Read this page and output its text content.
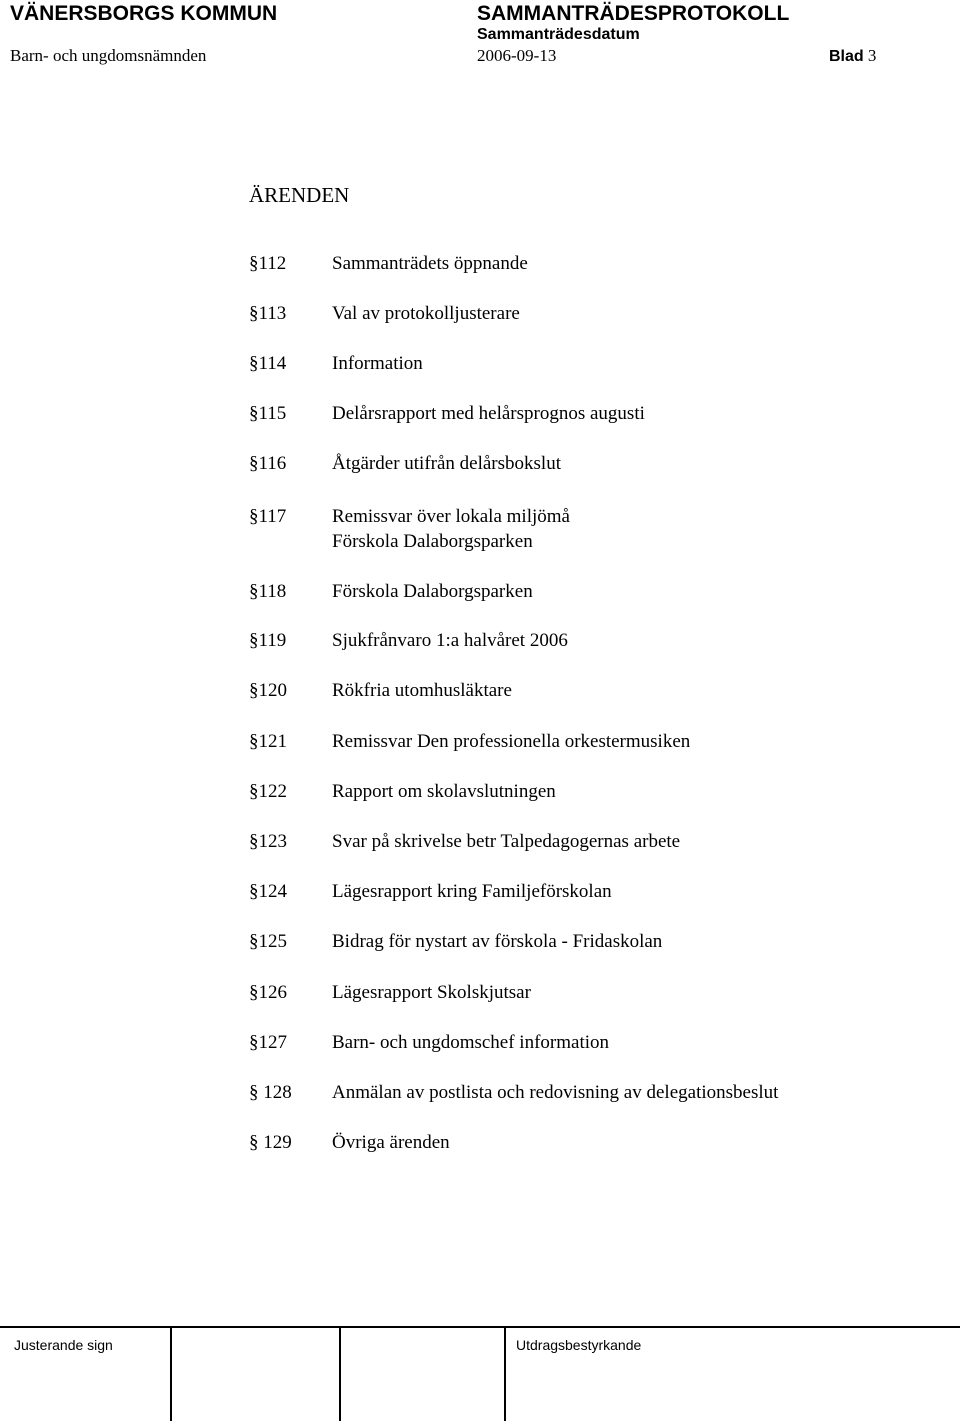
VÄNERSBORGS KOMMUN	SAMMANTRÄDESPROTOKOLL
Sammanträdesdatum
Barn- och ungdomsnämnden	2006-09-13	Blad 3
ÄRENDEN
§112 Sammanträdets öppnande
§113 Val av protokolljusterare
§114 Information
§115 Delårsrapport med helårsprognos augusti
§116 Åtgärder utifrån delårsbokslut
§117 Remissvar över lokala miljömå
Förskola Dalaborgsparken
§118 Förskola Dalaborgsparken
§119 Sjukfrånvaro 1:a halvåret 2006
§120 Rökfria utomhusläktare
§121 Remissvar Den professionella orkestermusiken
§122 Rapport om skolavslutningen
§123 Svar på skrivelse betr Talpedagogernas arbete
§124 Lägesrapport kring Familjeförskolan
§125 Bidrag för nystart av förskola - Fridaskolan
§126 Lägesrapport Skolskjutsar
§127 Barn- och ungdomschef information
§ 128 Anmälan av postlista och redovisning av delegationsbeslut
§ 129 Övriga ärenden
Justerande sign	Utdragsbestyrkande
